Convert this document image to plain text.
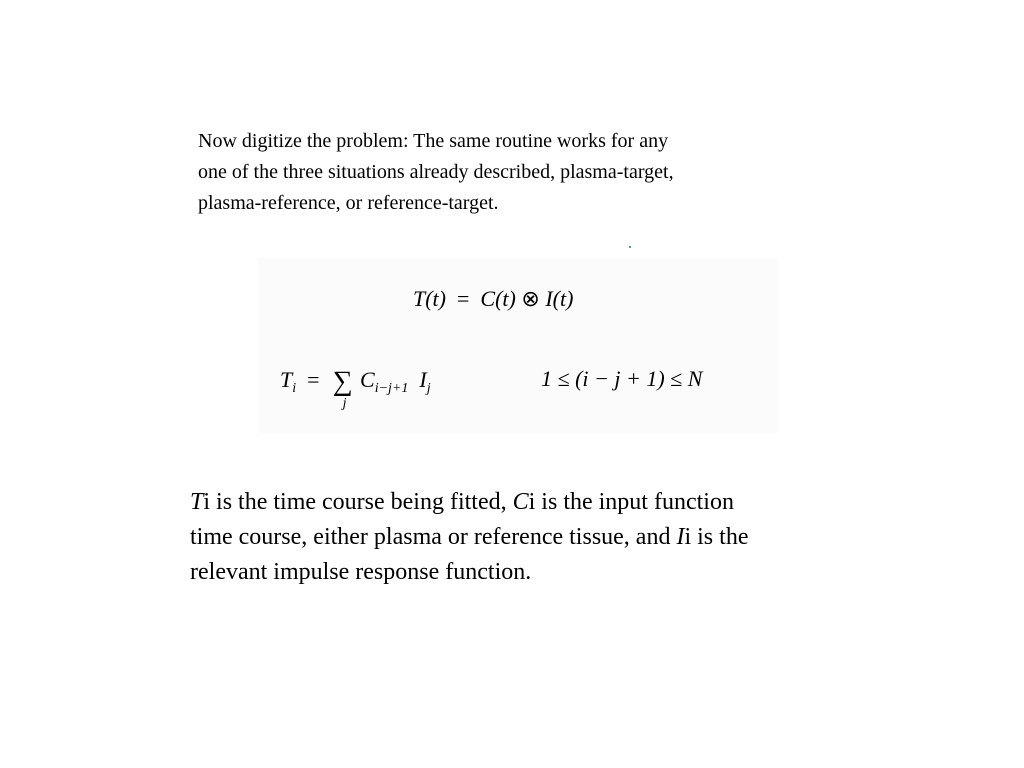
Now digitize the problem: The same routine works for any
one of the three situations already described, plasma-target,
plasma-reference, or reference-target.
T(t) = C(t) ⊗ I(t)
$T_i$ = ∑
j
$C_{i-j+1}$ $I_j$	1 ≤ (i − j + 1) ≤ N
Ti is the time course being fitted, Ci is the input function
time course, either plasma or reference tissue, and Ii is the
relevant impulse response function.
